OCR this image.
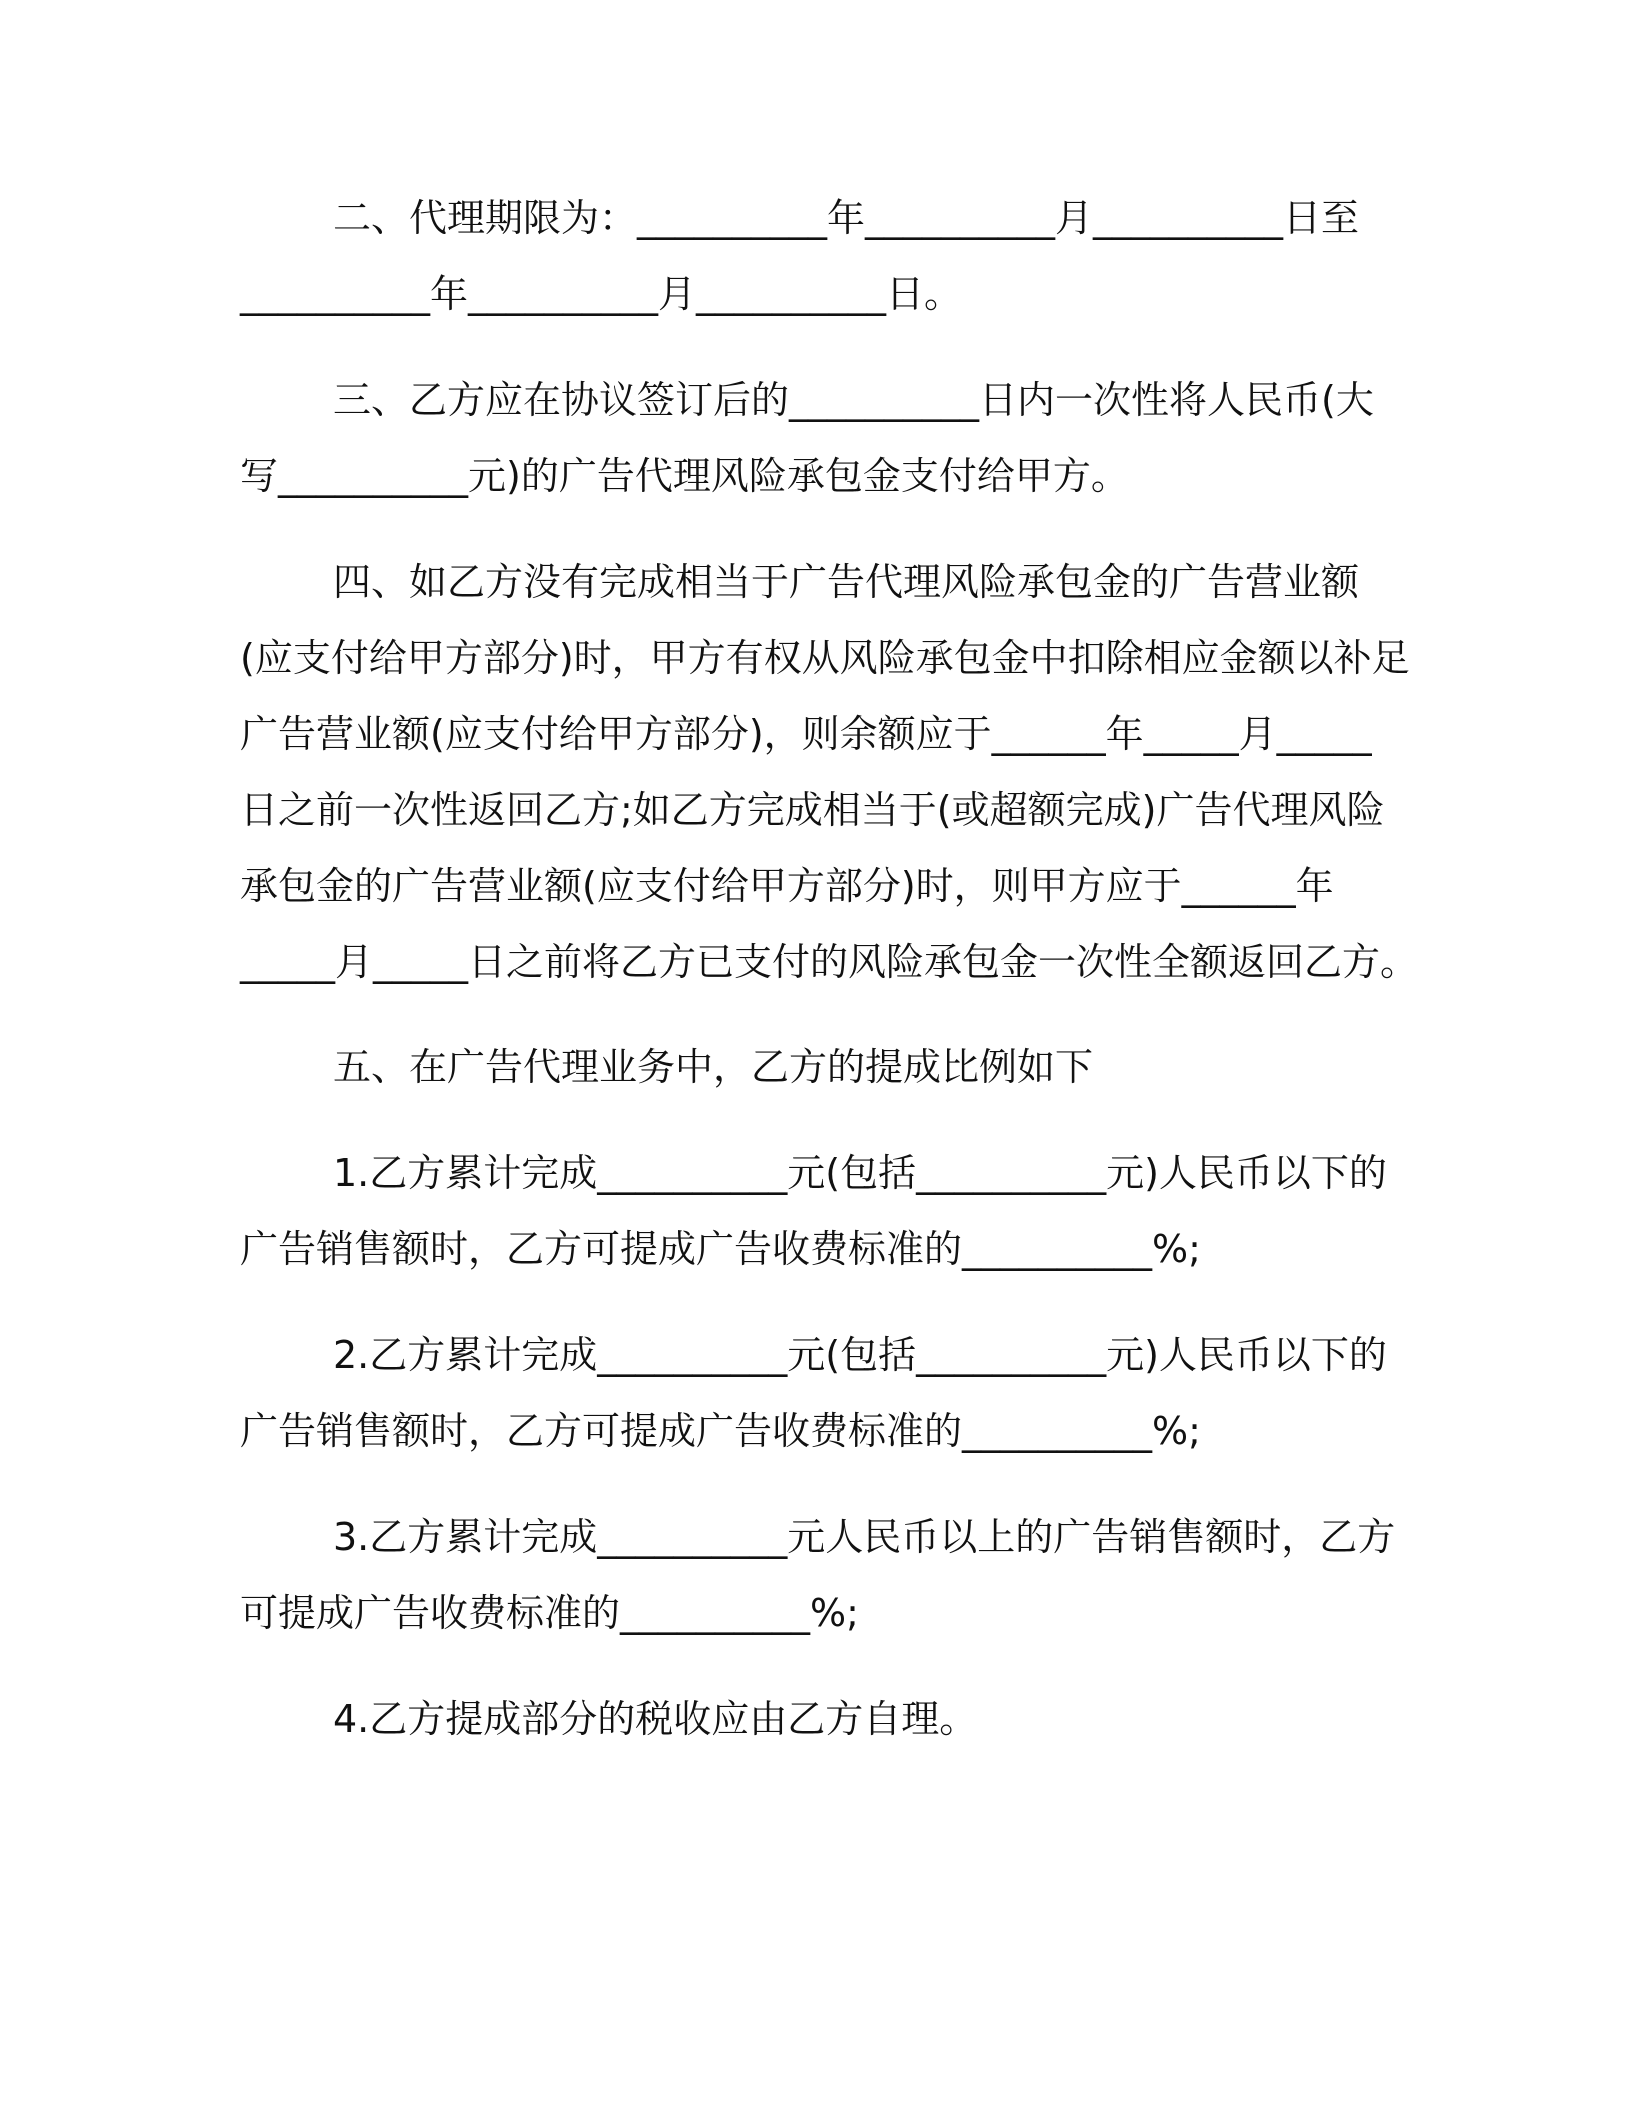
二、代理期限为：__________年__________月__________日至
__________年__________月__________日。
三、乙方应在协议签订后的__________日内一次性将人民币(大
写__________元)的广告代理风险承包金支付给甲方。
四、如乙方没有完成相当于广告代理风险承包金的广告营业额
(应支付给甲方部分)时，甲方有权从风险承包金中扣除相应金额以补足
广告营业额(应支付给甲方部分)，则余额应于______年_____月_____
日之前一次性返回乙方;如乙方完成相当于(或超额完成)广告代理风险
承包金的广告营业额(应支付给甲方部分)时，则甲方应于______年
_____月_____日之前将乙方已支付的风险承包金一次性全额返回乙方。
五、在广告代理业务中，乙方的提成比例如下
1.乙方累计完成__________元(包括__________元)人民币以下的
广告销售额时，乙方可提成广告收费标准的__________%;
2.乙方累计完成__________元(包括__________元)人民币以下的
广告销售额时，乙方可提成广告收费标准的__________%;
3.乙方累计完成__________元人民币以上的广告销售额时，乙方
可提成广告收费标准的__________%;
4.乙方提成部分的税收应由乙方自理。
